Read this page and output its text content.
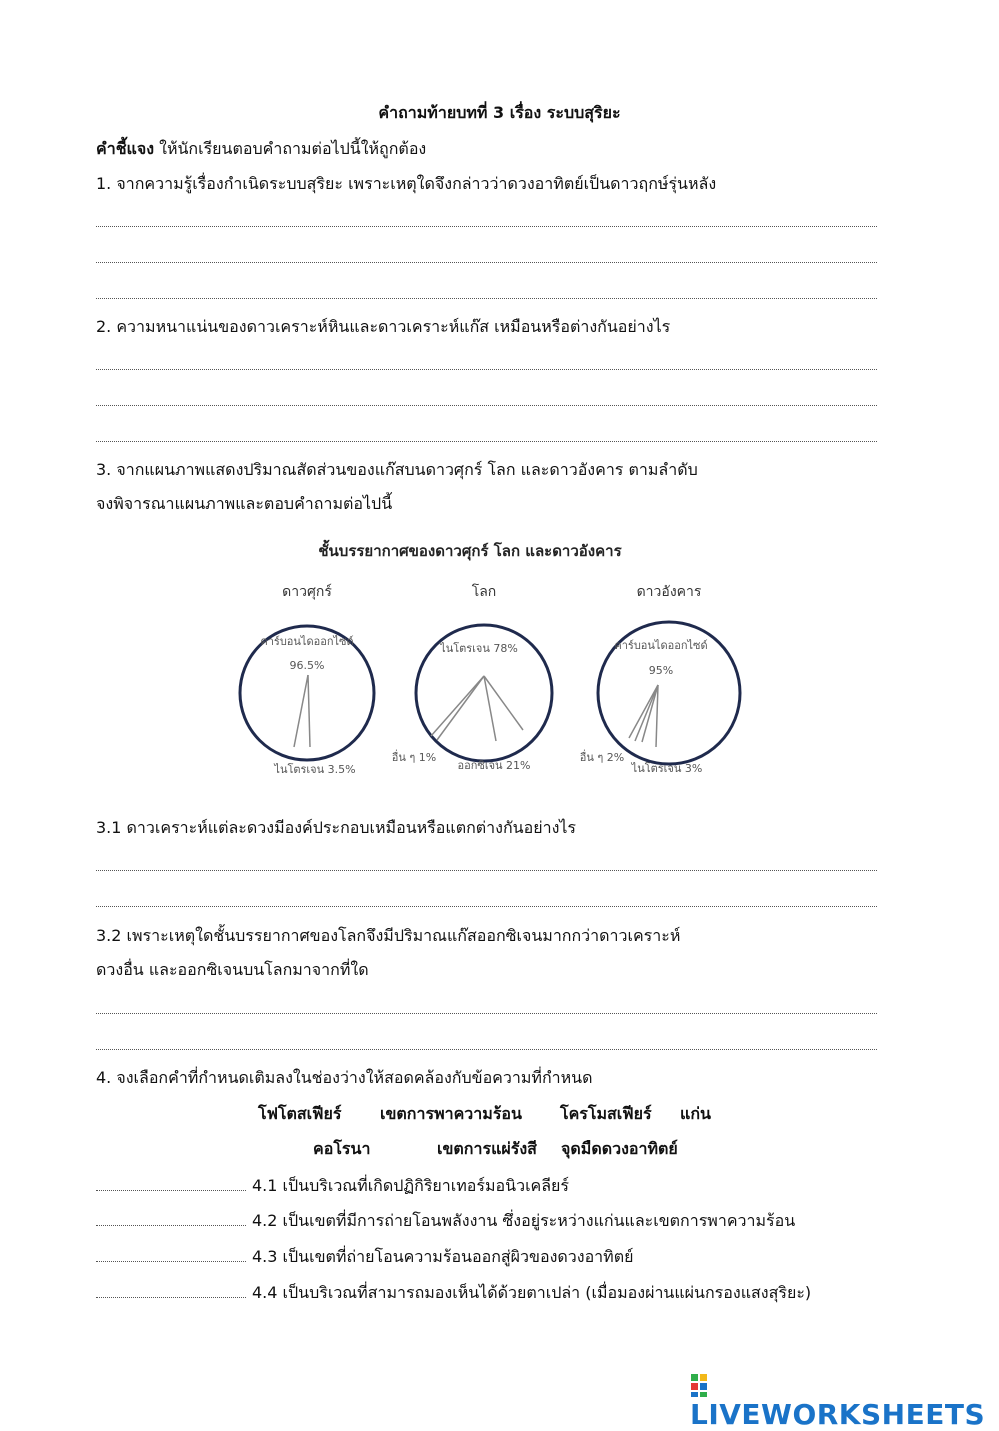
คำถามท้ายบทที่ 3 เรื่อง ระบบสุริยะ
คำชี้แจง ให้นักเรียนตอบคำถามต่อไปนี้ให้ถูกต้อง
1. จากความรู้เรื่องกำเนิดระบบสุริยะ เพราะเหตุใดจึงกล่าวว่าดวงอาทิตย์เป็นดาวฤกษ์รุ่นหลัง
2. ความหนาแน่นของดาวเคราะห์หินและดาวเคราะห์แก๊ส เหมือนหรือต่างกันอย่างไร
3. จากแผนภาพแสดงปริมาณสัดส่วนของแก๊สบนดาวศุกร์ โลก และดาวอังคาร ตามลำดับ
จงพิจารณาแผนภาพและตอบคำถามต่อไปนี้
ชั้นบรรยากาศของดาวศุกร์ โลก และดาวอังคาร
ดาวศุกร์	โลก	ดาวอังคาร
คาร์บอนไดออกไซด์
96.5%
ไนโตรเจน 3.5%
ไนโตรเจน 78%
อื่น ๆ 1%
ออกซิเจน 21%
คาร์บอนไดออกไซด์
95%
อื่น ๆ 2%
ไนโตรเจน 3%
3.1 ดาวเคราะห์แต่ละดวงมีองค์ประกอบเหมือนหรือแตกต่างกันอย่างไร
3.2 เพราะเหตุใดชั้นบรรยากาศของโลกจึงมีปริมาณแก๊สออกซิเจนมากกว่าดาวเคราะห์
ดวงอื่น และออกซิเจนบนโลกมาจากที่ใด
4. จงเลือกคำที่กำหนดเติมลงในช่องว่างให้สอดคล้องกับข้อความที่กำหนด
โฟโตสเฟียร์ เขตการพาความร้อน โครโมสเฟียร์ แก่น
คอโรนา	เขตการแผ่รังสี จุดมืดดวงอาทิตย์
4.1 เป็นบริเวณที่เกิดปฏิกิริยาเทอร์มอนิวเคลียร์
4.2 เป็นเขตที่มีการถ่ายโอนพลังงาน ซึ่งอยู่ระหว่างแก่นและเขตการพาความร้อน
4.3 เป็นเขตที่ถ่ายโอนความร้อนออกสู่ผิวของดวงอาทิตย์
4.4 เป็นบริเวณที่สามารถมองเห็นได้ด้วยตาเปล่า (เมื่อมองผ่านแผ่นกรองแสงสุริยะ)
LIVEWORKSHEETS
